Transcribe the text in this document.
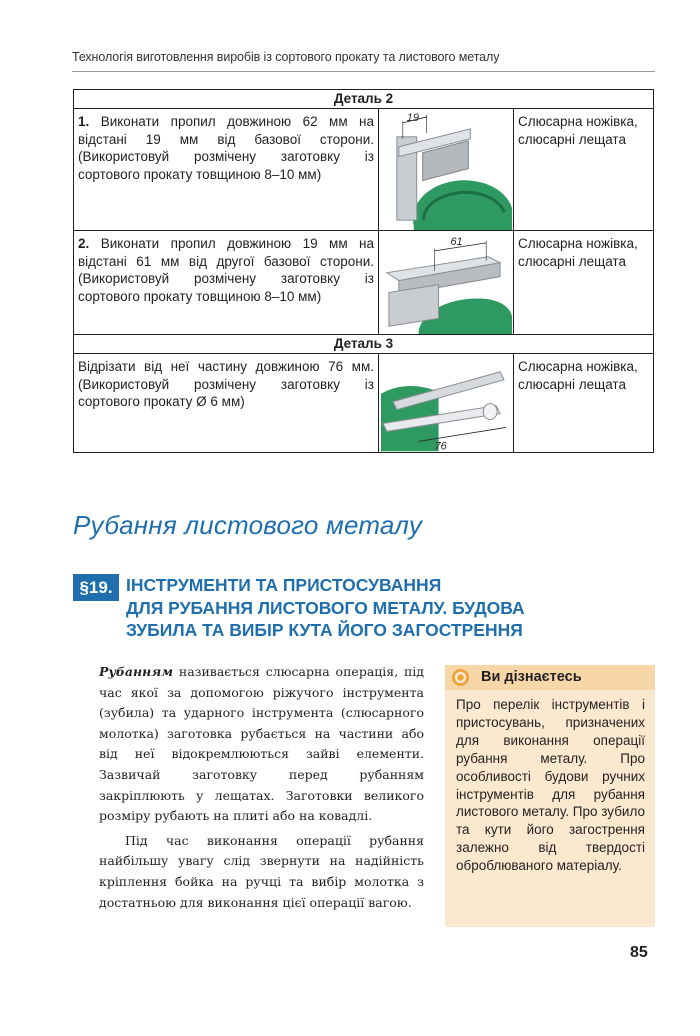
Технологія виготовлення виробів із сортового прокату та листового металу
Деталь 2		
1. Виконати пропил довжиною 62 мм на відстані 19 мм від базової сторони. (Використовуй розмічену заготовку із сортового прокату товщиною 8–10 мм)	19	Слюсарна ножівка, слюсарні лещата
2. Виконати пропил довжиною 19 мм на відстані 61 мм від другої базової сторони. (Використовуй розмічену заготовку із сортового прокату товщиною 8–10 мм)	61	Слюсарна ножівка, слюсарні лещата
Деталь 3		
Відрізати від неї частину довжиною 76 мм. (Використовуй розмічену заготовку із сортового прокату Ø 6 мм)	76	Слюсарна ножівка, слюсарні лещата
Рубання листового металу
§19. ІНСТРУМЕНТИ ТА ПРИСТОСУВАННЯ
ДЛЯ РУБАННЯ ЛИСТОВОГО МЕТАЛУ. БУДОВА
ЗУБИЛА ТА ВИБІР КУТА ЙОГО ЗАГОСТРЕННЯ

Рубанням називається слюсарна операція, під час якої за допомогою ріжучого інструмента (зубила) та ударного інструмента (слюсарного молотка) заготовка рубається на частини або від неї відокремлюються зайві елементи. Зазвичай заготовку перед рубанням закріплюють у лещатах. Заготовки великого розміру рубають на плиті або на ковадлі.

Під час виконання операції рубання найбільшу увагу слід звернути на надійність кріплення бойка на ручці та вибір молотка з достатньою для виконання цієї операції вагою.

Ви дізнаєтесь
Про перелік інструментів і пристосувань, призначених для виконання операції рубання металу. Про особливості будови ручних інструментів для рубання листового металу. Про зубило та кути його загострення залежно від твердості оброблюваного матеріалу.
85
